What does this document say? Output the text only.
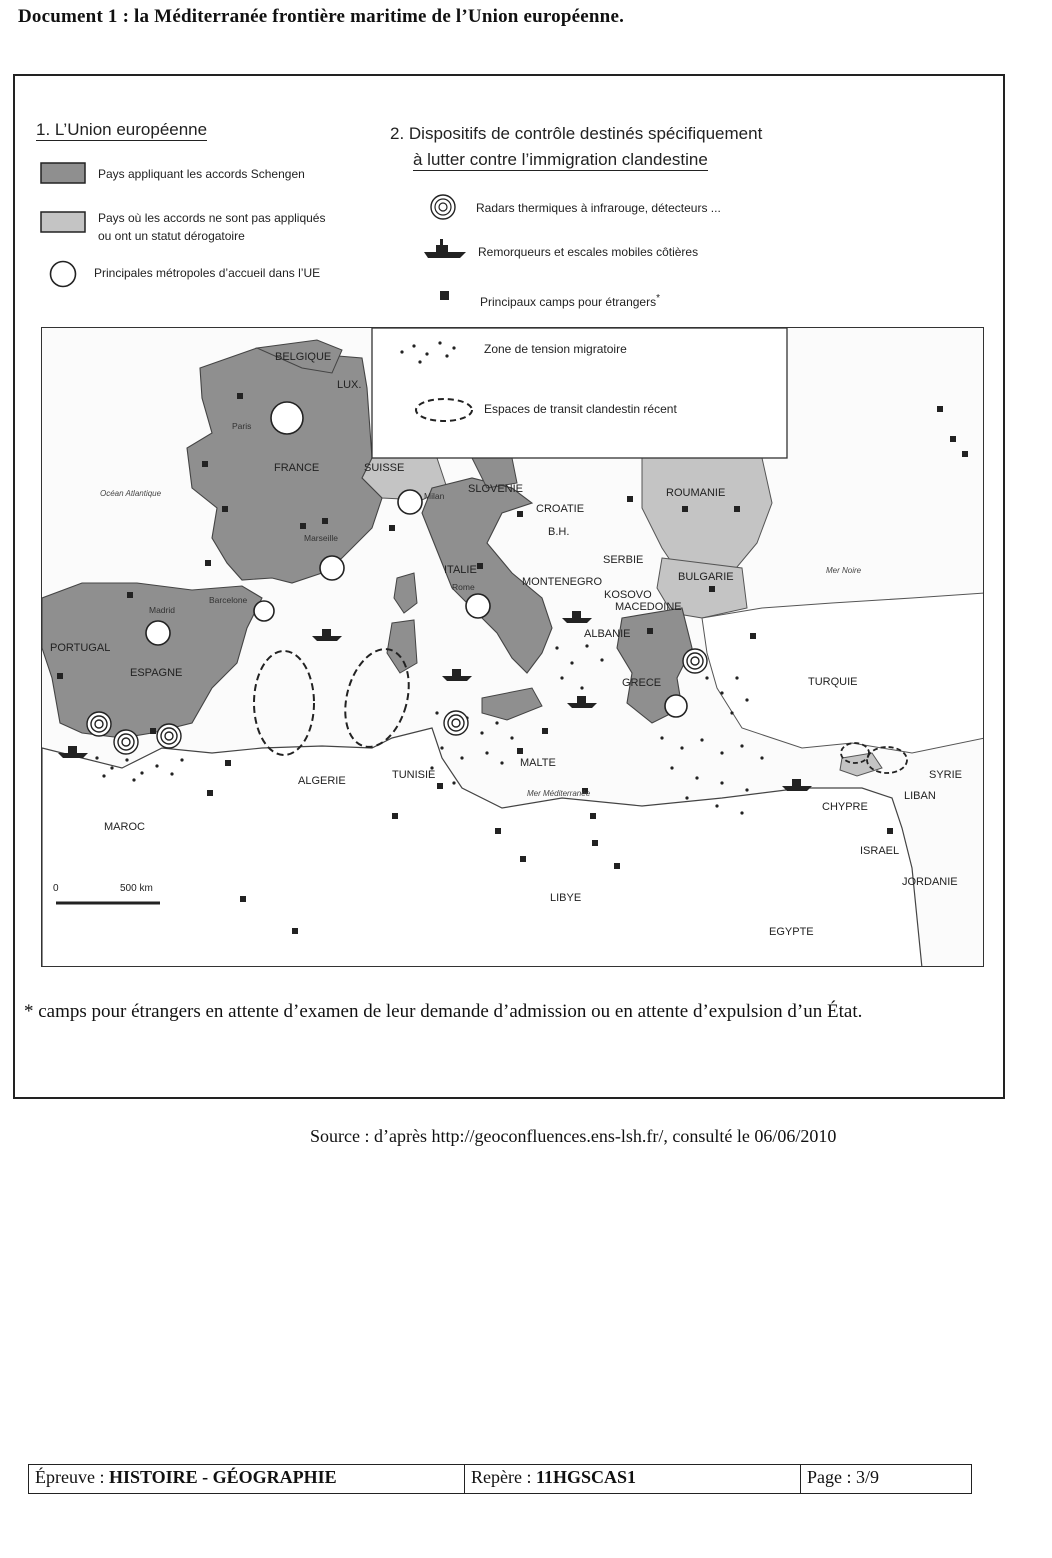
Document 1 : la Méditerranée frontière maritime de l’Union européenne.
1. L’Union européenne
Pays appliquant les accords Schengen
Pays où les accords ne sont pas appliqués
ou ont un statut dérogatoire
Principales métropoles d’accueil dans l’UE
2. Dispositifs de contrôle destinés spécifiquement
à lutter contre l’immigration clandestine
Radars thermiques à infrarouge, détecteurs ...
Remorqueurs et escales mobiles côtières
Principaux camps pour étrangers*
Zone de tension migratoire
Espaces de transit clandestin récent
0	500 km
BELGIQUE
LUX.
FRANCE	SUISSE
SLOVENIE
CROATIE
B.H.
SERBIE
ROUMANIE
ITALIE
MONTENEGRO
KOSOVO
MACEDOINE
BULGARIE
ALBANIE
PORTUGAL
ESPAGNE
GRECE	TURQUIE
ALGERIE	TUNISIE
MALTE
SYRIE
CHYPRE
LIBAN
MAROC
ISRAEL
JORDANIE
LIBYE
EGYPTE
Paris
Milan
Marseille
Rome
Barcelone
Madrid
Océan Atlantique
Mer Noire
Mer Méditerranée
* camps pour étrangers en attente d’examen de leur demande d’admission ou en attente d’expulsion d’un État.
Source : d’après http://geoconfluences.ens-lsh.fr/, consulté le 06/06/2010
Épreuve : HISTOIRE - GÉOGRAPHIE	Repère : 11HGSCAS1	Page : 3/9
